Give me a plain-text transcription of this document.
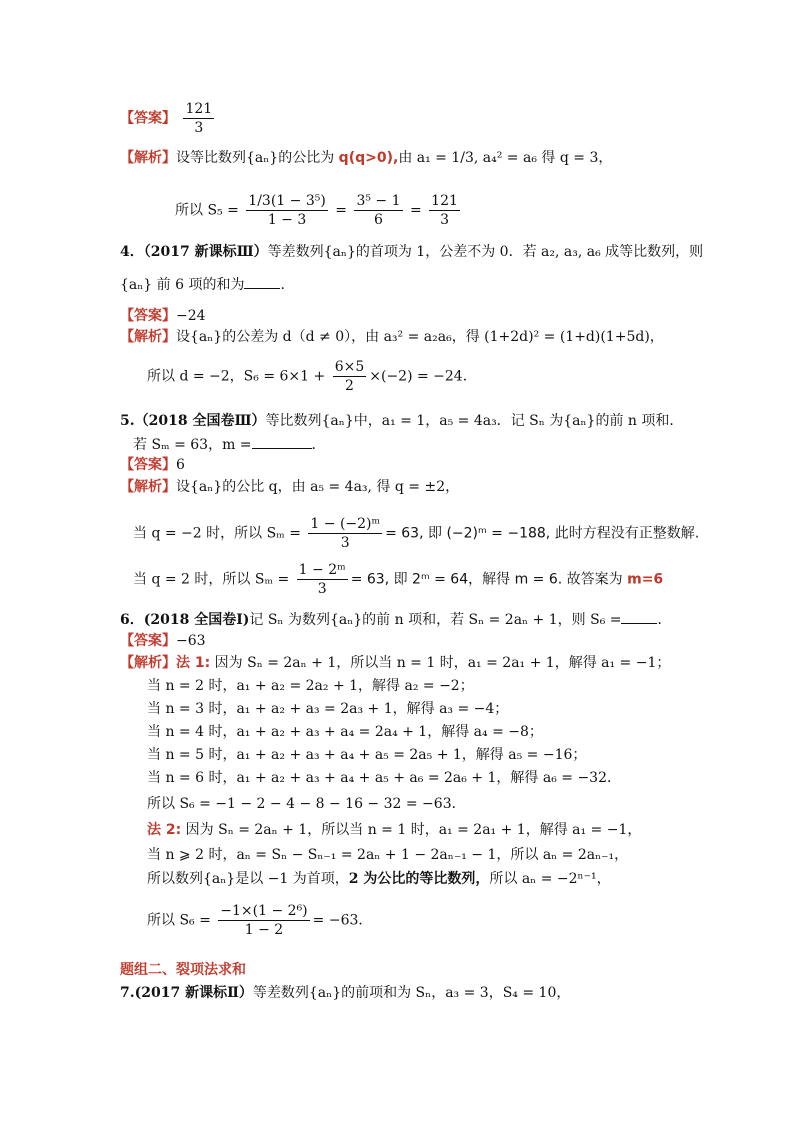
【答案】 $\frac{121}{3}$
【解析】设等比数列{aₙ}的公比为 q(q>0),由 a₁ = 1/3, a₄² = a₆ 得 q = 3，
所以 $S_5 = \frac{\text{1/3(1 − 3⁵)}}{1 - 3} = \frac{\text{3⁵ − 1}}{6} = \frac{121}{3}$
4．（2017 新课标Ⅲ）等差数列{aₙ}的首项为 1，公差不为 0．若 a₂, a₃, a₆ 成等比数列，则
{aₙ} 前 6 项的和为	.
【答案】−24
【解析】设{aₙ}的公差为 d（d ≠ 0），由 a₃² = a₂a₆，得 (1+2d)² = (1+d)(1+5d)，
所以 d = −2，$S_6 = 6\times 1 + \frac{6\times 5}{2} \times(-2) = -24$．
5.（2018 全国卷Ⅲ）等比数列{aₙ}中，a₁ = 1，a₅ = 4a₃．记 Sₙ 为{aₙ}的前 n 项和．
若 Sₘ = 63，m =	．
【答案】6
【解析】设{aₙ}的公比 q，由 a₅ = 4a₃, 得 q = ±2，
当 q = −2 时，所以 $S_m = \frac{\text{1 − (−2)ᵐ}}{3} = 63$, 即 (−2)ᵐ = −188, 此时方程没有正整数解.
当 q = 2 时，所以 $S_m = \frac{\text{1 − 2ᵐ}}{3} = 63$, 即 2ᵐ = 64，解得 m = 6. 故答案为 m=6
6．(2018 全国卷Ⅰ)记 Sₙ 为数列{aₙ}的前 n 项和，若 Sₙ = 2aₙ + 1，则 S₆ =	．
【答案】−63
【解析】法 1: 因为 Sₙ = 2aₙ + 1，所以当 n = 1 时，a₁ = 2a₁ + 1，解得 a₁ = −1；
当 n = 2 时，a₁ + a₂ = 2a₂ + 1，解得 a₂ = −2；
当 n = 3 时，a₁ + a₂ + a₃ = 2a₃ + 1，解得 a₃ = −4；
当 n = 4 时，a₁ + a₂ + a₃ + a₄ = 2a₄ + 1，解得 a₄ = −8；
当 n = 5 时，a₁ + a₂ + a₃ + a₄ + a₅ = 2a₅ + 1，解得 a₅ = −16；
当 n = 6 时，a₁ + a₂ + a₃ + a₄ + a₅ + a₆ = 2a₆ + 1，解得 a₆ = −32．
所以 S₆ = −1 − 2 − 4 − 8 − 16 − 32 = −63．
法 2: 因为 Sₙ = 2aₙ + 1，所以当 n = 1 时，a₁ = 2a₁ + 1，解得 a₁ = −1，
当 n ⩾ 2 时，aₙ = Sₙ − Sₙ₋₁ = 2aₙ + 1 − 2aₙ₋₁ − 1，所以 aₙ = 2aₙ₋₁，
所以数列{aₙ}是以 −1 为首项，2 为公比的等比数列，所以 aₙ = −2ⁿ⁻¹，
所以 $S_6 = \frac{\text{−1×(1 − 2⁶)}}{1 - 2} = -63$．
题组二、裂项法求和
7.(2017 新课标Ⅱ）等差数列{aₙ}的前项和为 Sₙ，a₃ = 3，S₄ = 10，
